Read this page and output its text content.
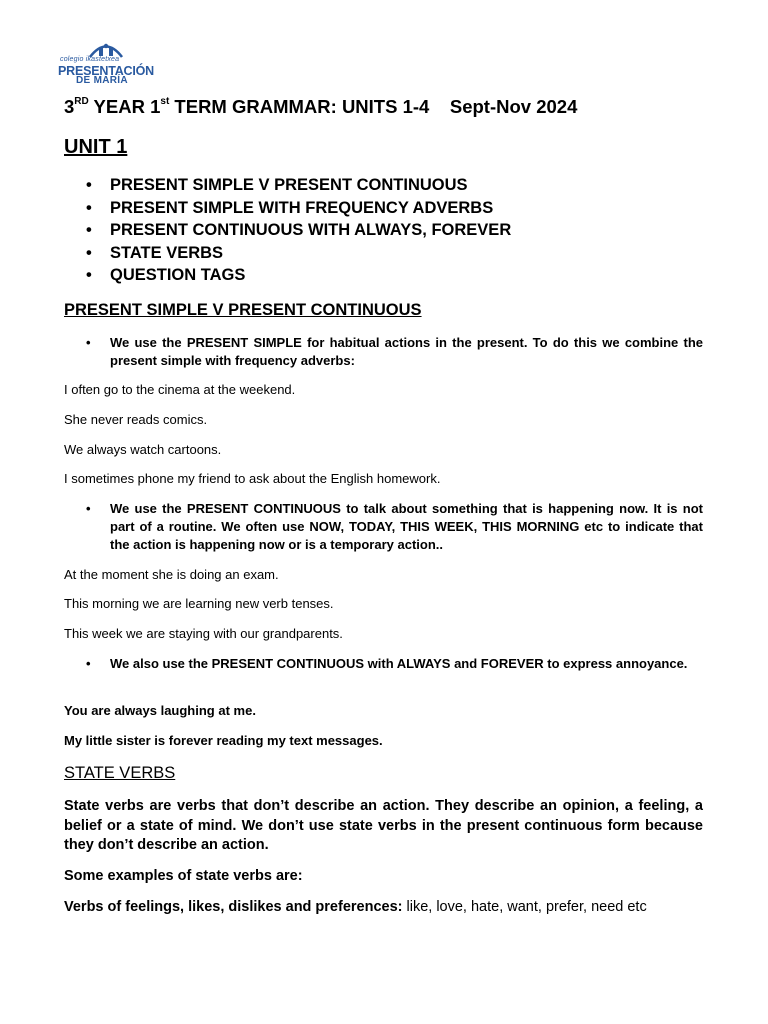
colegio ikastetxea
PRESENTACIÓN
DE MARÍA
3RD YEAR 1st TERM GRAMMAR: UNITS 1-4    Sept-Nov 2024
UNIT 1
• PRESENT SIMPLE V PRESENT CONTINUOUS
• PRESENT SIMPLE WITH FREQUENCY ADVERBS
• PRESENT CONTINUOUS WITH ALWAYS, FOREVER
• STATE VERBS
• QUESTION TAGS
PRESENT SIMPLE V PRESENT CONTINUOUS
• We use the PRESENT SIMPLE for habitual actions in the present. To do this we combine the present simple with frequency adverbs:
I often go to the cinema at the weekend.
She never reads comics.
We always watch cartoons.
I sometimes phone my friend to ask about the English homework.
• We use the PRESENT CONTINUOUS to talk about something that is happening now. It is not part of a routine. We often use NOW, TODAY, THIS WEEK, THIS MORNING etc to indicate that the action is happening now or is a temporary action..
At the moment she is doing an exam.
This morning we are learning new verb tenses.
This week we are staying with our grandparents.
• We also use the PRESENT CONTINUOUS with ALWAYS and FOREVER to express annoyance.
You are always laughing at me.
My little sister is forever reading my text messages.
STATE VERBS
State verbs are verbs that don’t describe an action. They describe an opinion, a feeling, a belief or a state of mind. We don’t use state verbs in the present continuous form because they don’t describe an action.
Some examples of state verbs are:
Verbs of feelings, likes, dislikes and preferences: like, love, hate, want, prefer, need etc
